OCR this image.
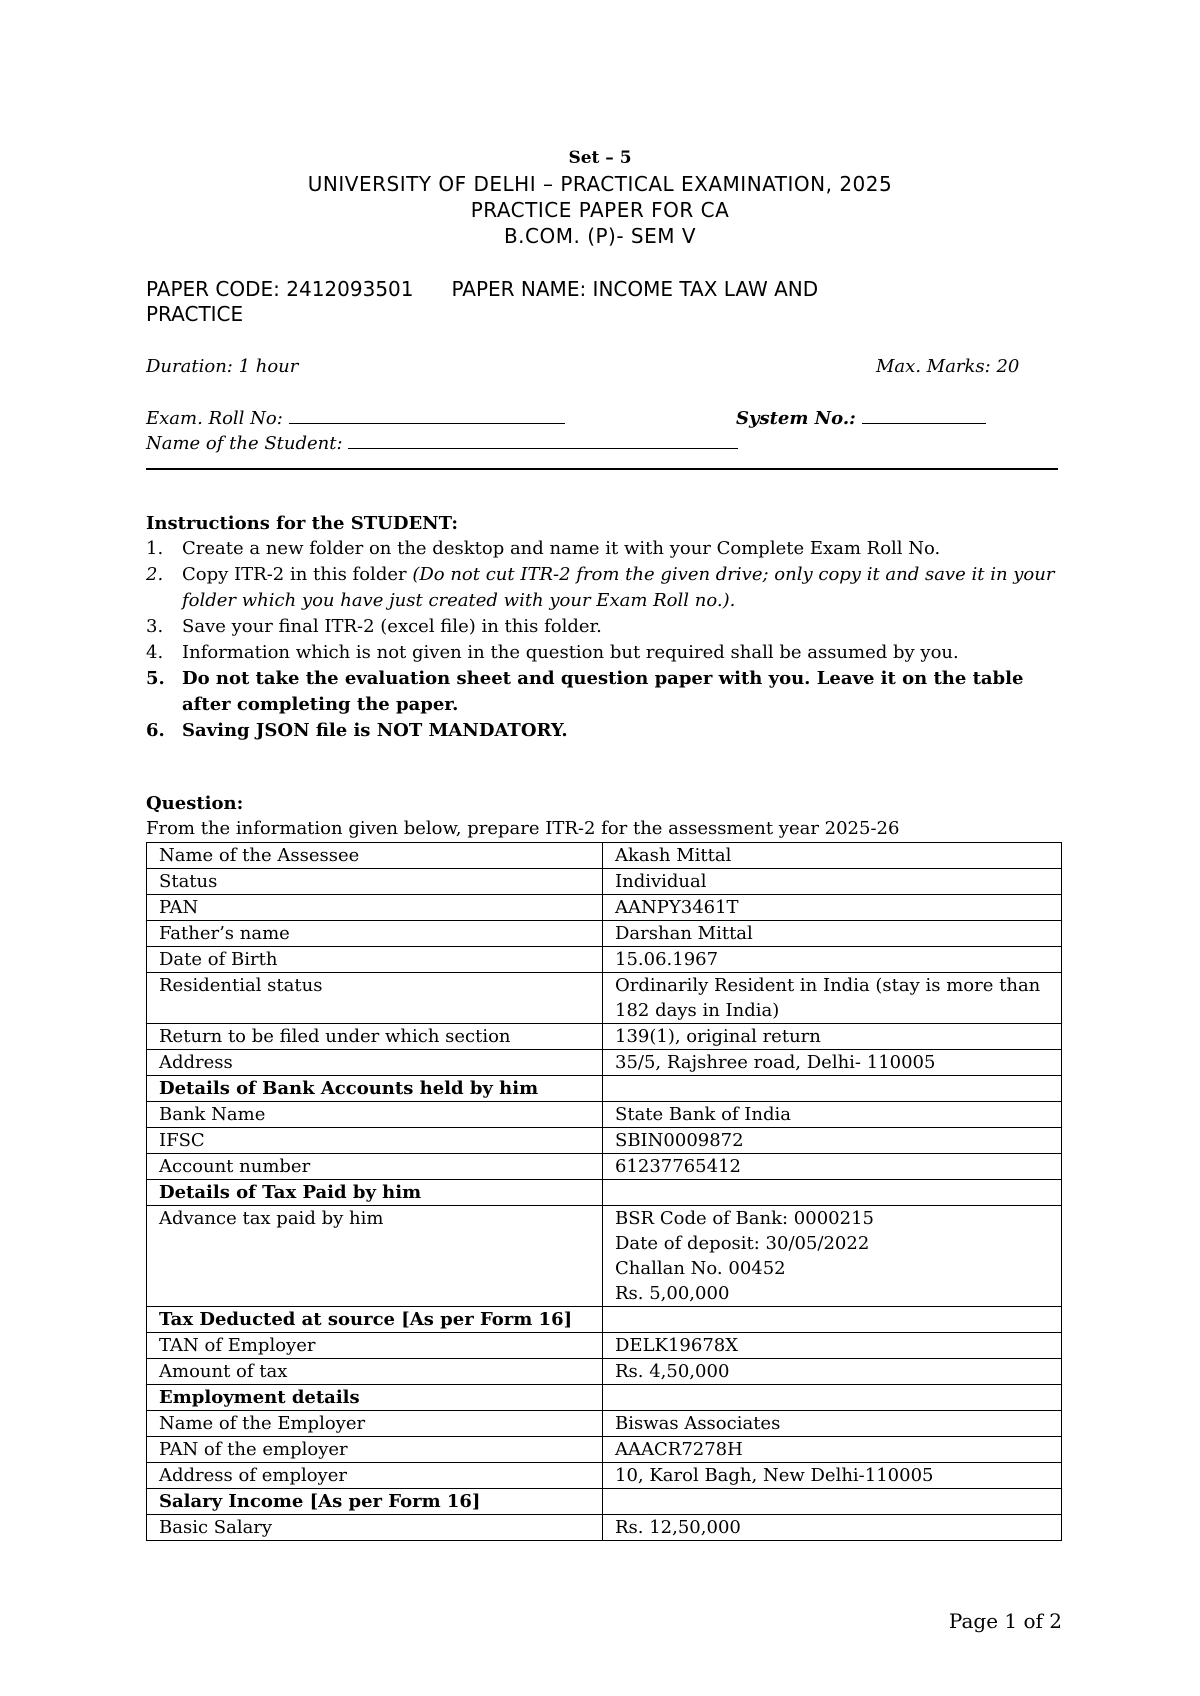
Set – 5
UNIVERSITY OF DELHI – PRACTICAL EXAMINATION, 2025
PRACTICE PAPER FOR CA
B.COM. (P)- SEM V
PAPER CODE: 2412093501 PAPER NAME: INCOME TAX LAW AND
PRACTICE
Duration: 1 hour	Max. Marks: 20
Exam. Roll No:	System No.:
Name of the Student:
Instructions for the STUDENT:
1. Create a new folder on the desktop and name it with your Complete Exam Roll No.
2. Copy ITR-2 in this folder (Do not cut ITR-2 from the given drive; only copy it and save it in your folder which you have just created with your Exam Roll no.).
3. Save your final ITR-2 (excel file) in this folder.
4. Information which is not given in the question but required shall be assumed by you.
5. Do not take the evaluation sheet and question paper with you. Leave it on the table after completing the paper.
6. Saving JSON file is NOT MANDATORY.
Question:
From the information given below, prepare ITR-2 for the assessment year 2025-26
Name of the Assessee	Akash Mittal
Status	Individual
PAN	AANPY3461T
Father’s name	Darshan Mittal
Date of Birth	15.06.1967
Residential status	Ordinarily Resident in India (stay is more than
182 days in India)

Return to be filed under which section	139(1), original return
Address	35/5, Rajshree road, Delhi- 110005
Details of Bank Accounts held by him	
Bank Name	State Bank of India
IFSC	SBIN0009872
Account number	61237765412
Details of Tax Paid by him	
Advance tax paid by him	BSR Code of Bank: 0000215
Date of deposit: 30/05/2022
Challan No. 00452
Rs. 5,00,000

Tax Deducted at source [As per Form 16]	
TAN of Employer	DELK19678X
Amount of tax	Rs. 4,50,000
Employment details	
Name of the Employer	Biswas Associates
PAN of the employer	AAACR7278H
Address of employer	10, Karol Bagh, New Delhi-110005
Salary Income [As per Form 16]	
Basic Salary	Rs. 12,50,000
Page 1 of 2
